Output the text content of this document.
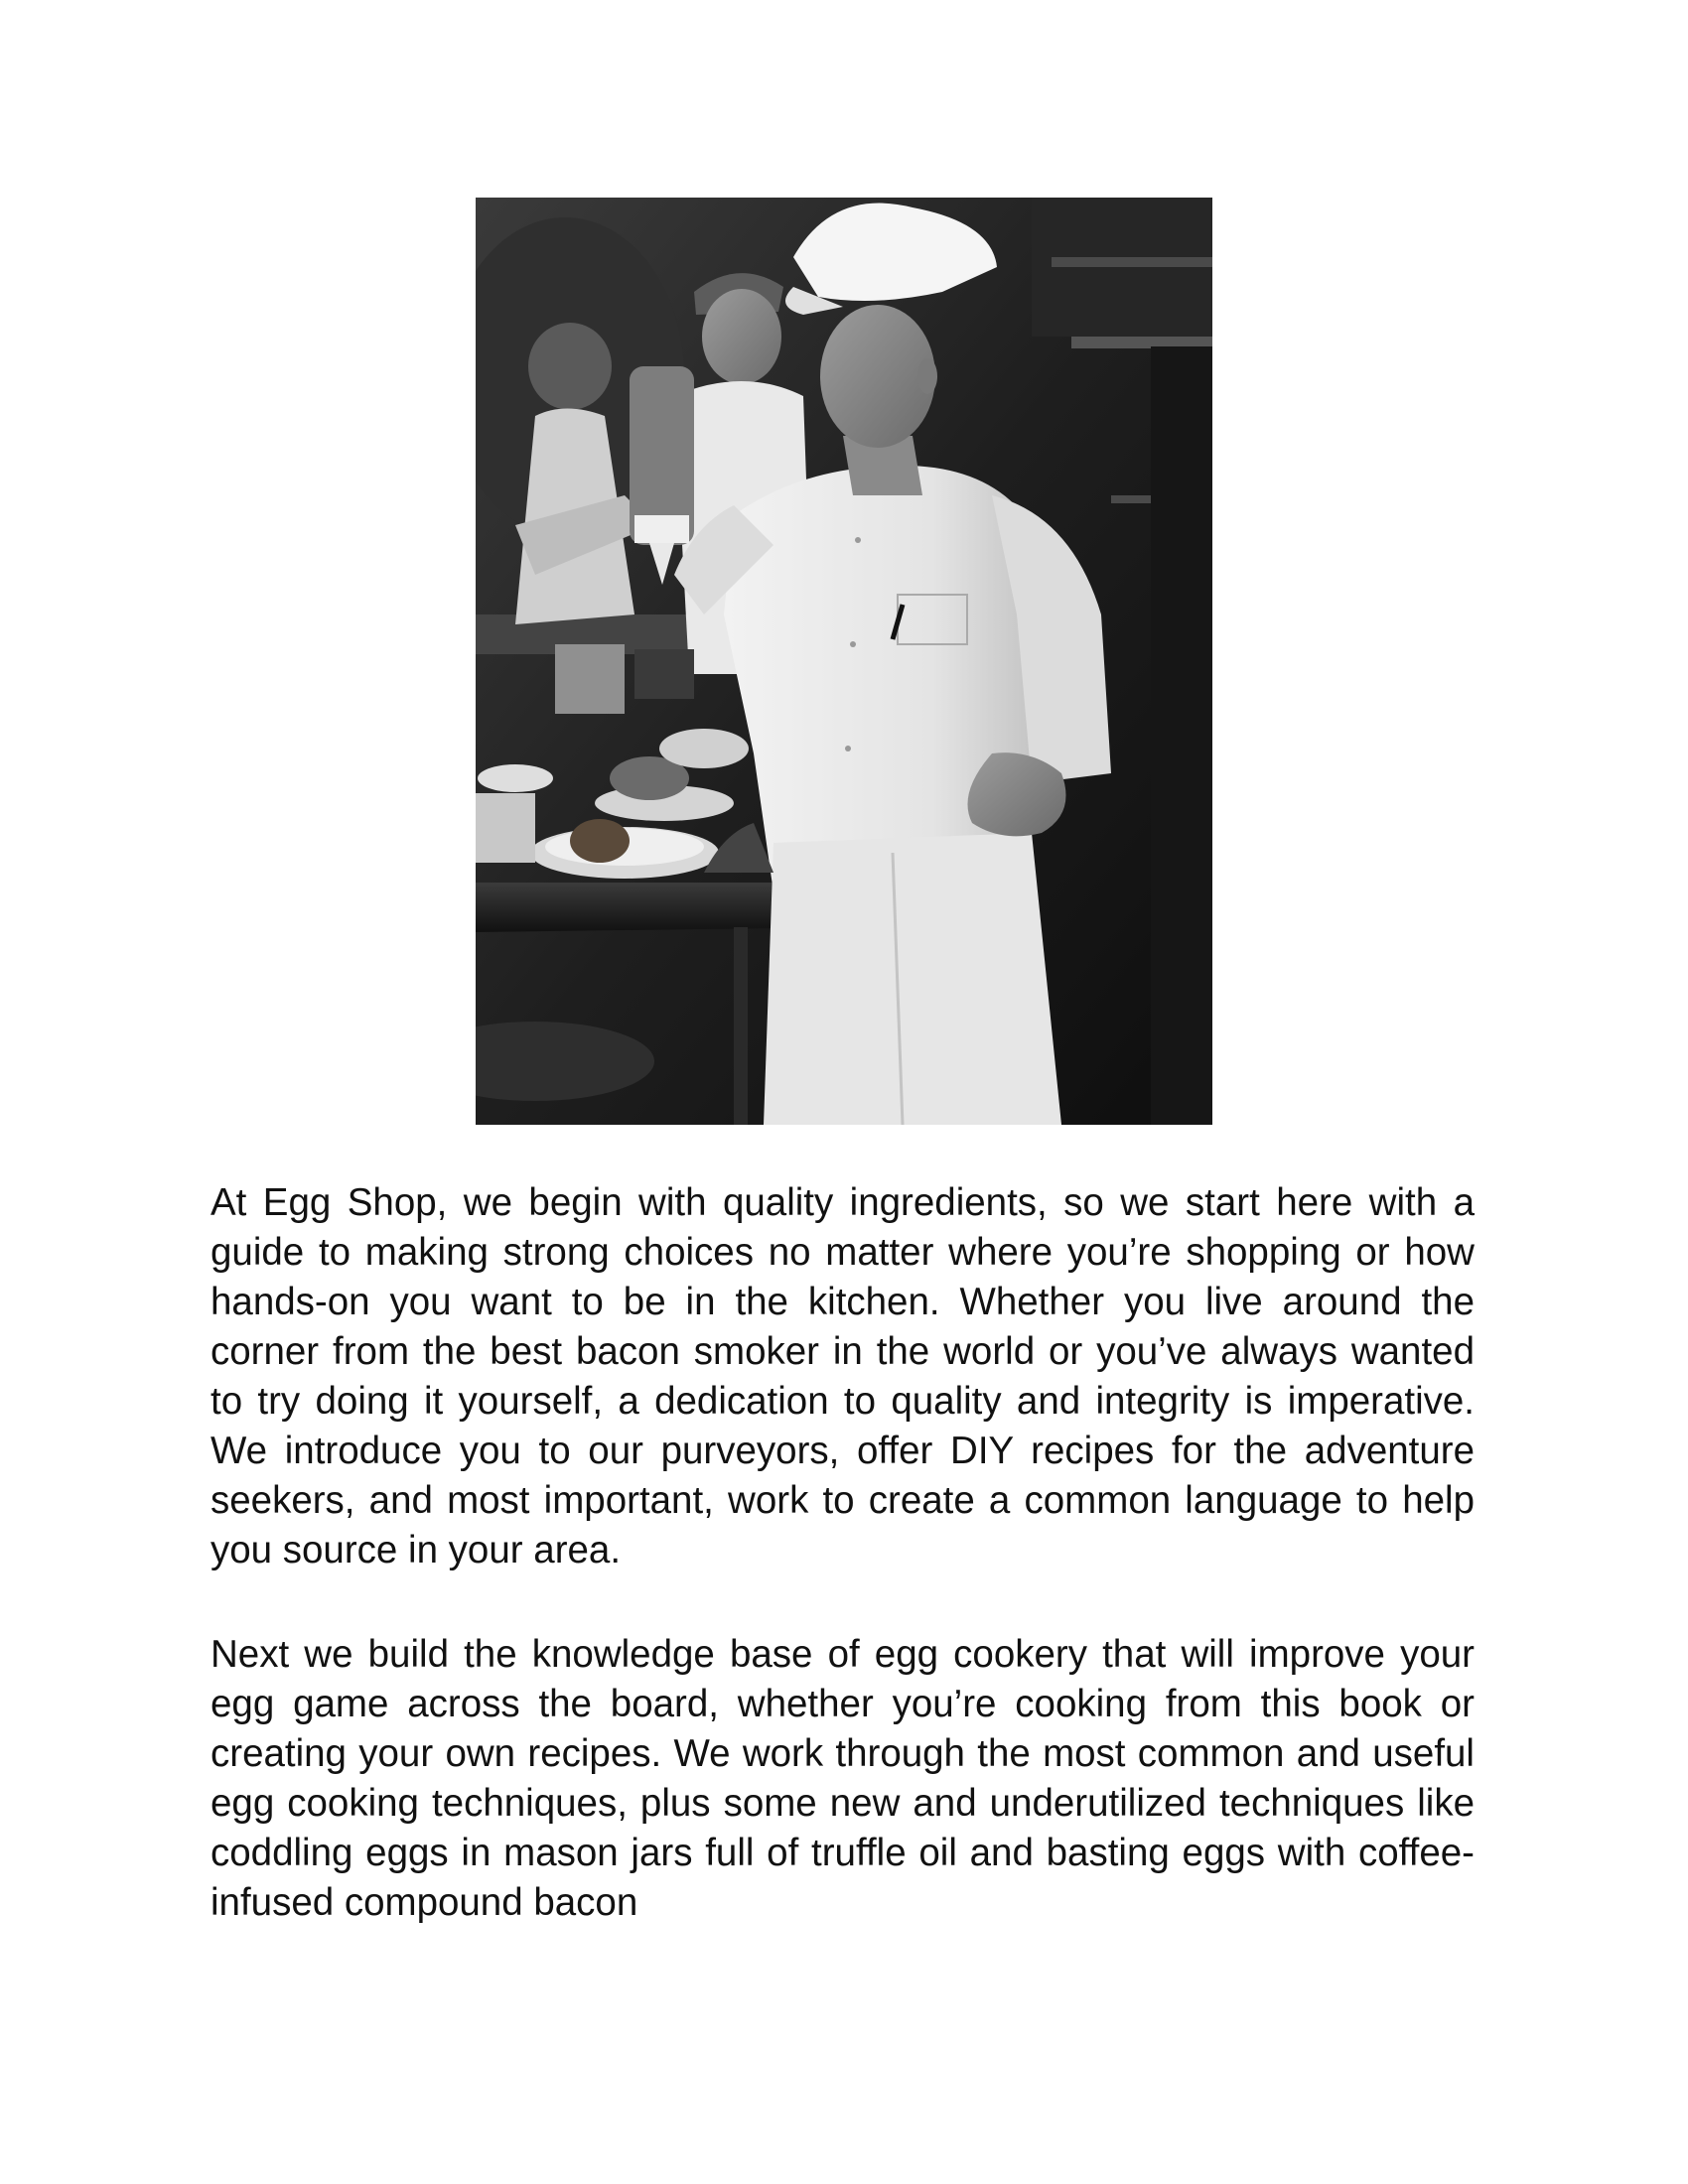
At Egg Shop, we begin with quality ingredients, so we start here with a guide to making strong choices no matter where you’re shopping or how hands-on you want to be in the kitchen. Whether you live around the corner from the best bacon smoker in the world or you’ve always wanted to try doing it yourself, a dedication to quality and integrity is imperative. We introduce you to our purveyors, offer DIY recipes for the adventure seekers, and most important, work to create a common language to help you source in your area.

Next we build the knowledge base of egg cookery that will improve your egg game across the board, whether you’re cooking from this book or creating your own recipes. We work through the most common and useful egg cooking techniques, plus some new and underutilized techniques like coddling eggs in mason jars full of truffle oil and basting eggs with coffee-infused compound bacon
